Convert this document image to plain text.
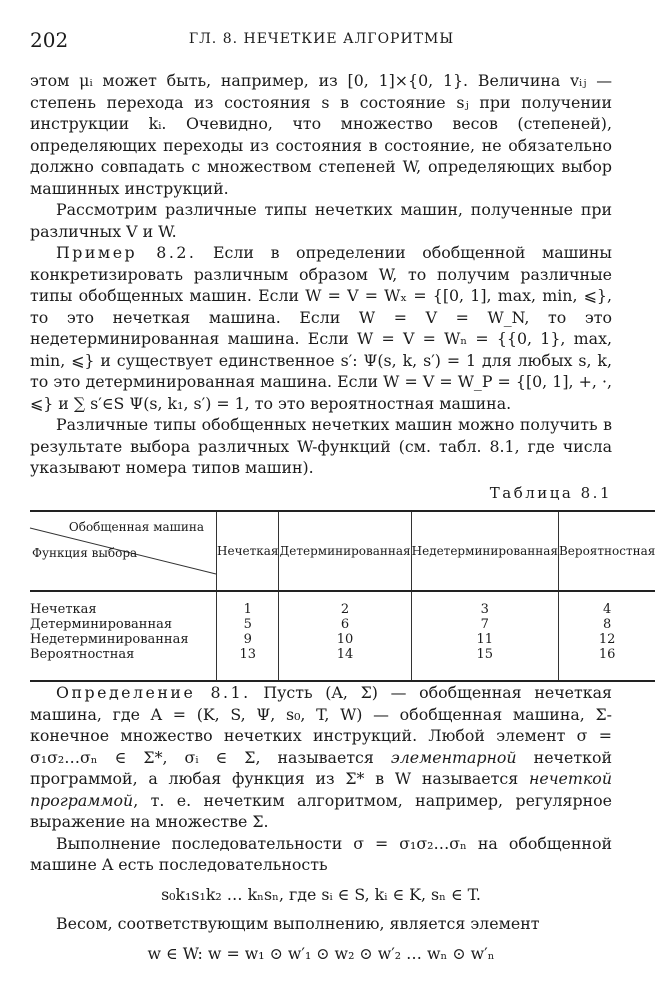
202	ГЛ. 8. НЕЧЕТКИЕ АЛГОРИТМЫ

этом μᵢ может быть, например, из [0, 1]×{0, 1}. Величина vᵢⱼ — степень перехода из состояния s в состояние sⱼ при получении инструкции kᵢ. Очевидно, что множество весов (степеней), определяющих переходы из состояния в состояние, не обязательно должно совпадать с множеством степеней W, определяющих выбор машинных инструкций.

Рассмотрим различные типы нечетких машин, полученные при различных V и W.

Пример 8.2. Если в определении обобщенной машины конкретизировать различным образом W, то получим различные типы обобщенных машин. Если W = V = Wₓ = {[0, 1], max, min, ⩽}, то это нечеткая машина. Если W = V = W_N, то это недетерминированная машина. Если W = V = Wₙ = {{0, 1}, max, min, ⩽} и существует единственное s′: Ψ(s, k, s′) = 1 для любых s, k, то это детерминированная машина. Если W = V = W_P = {[0, 1], +, ·, ⩽} и ∑ s′∈S Ψ(s, k₁, s′) = 1, то это вероятностная машина.

Различные типы обобщенных нечетких машин можно получить в результате выбора различных W-функций (см. табл. 8.1, где числа указывают номера типов машин).

Таблица 8.1
Обобщенная машина
Функция выбора	Нечеткая	Детерминированная	Недетерминированная	Вероятностная
Нечеткая	1	2	3	4
Детерминированная	5	6	7	8
Недетерминированная	9	10	11	12
Вероятностная	13	14	15	16

Определение 8.1. Пусть (A, Σ) — обобщенная нечеткая машина, где A = (K, S, Ψ, s₀, T, W) — обобщенная машина, Σ-конечное множество нечетких инструкций. Любой элемент σ = σ₁σ₂…σₙ ∈ Σ*, σᵢ ∈ Σ, называется элементарной нечеткой программой, а любая функция из Σ* в W называется нечеткой программой, т. е. нечетким алгоритмом, например, регулярное выражение на множестве Σ.

Выполнение последовательности σ = σ₁σ₂…σₙ на обобщенной машине A есть последовательность

s₀k₁s₁k₂ … kₙsₙ, где sᵢ ∈ S, kᵢ ∈ K, sₙ ∈ T.

Весом, соответствующим выполнению, является элемент

w ∈ W: w = w₁ ⊙ w′₁ ⊙ w₂ ⊙ w′₂ … wₙ ⊙ w′ₙ
